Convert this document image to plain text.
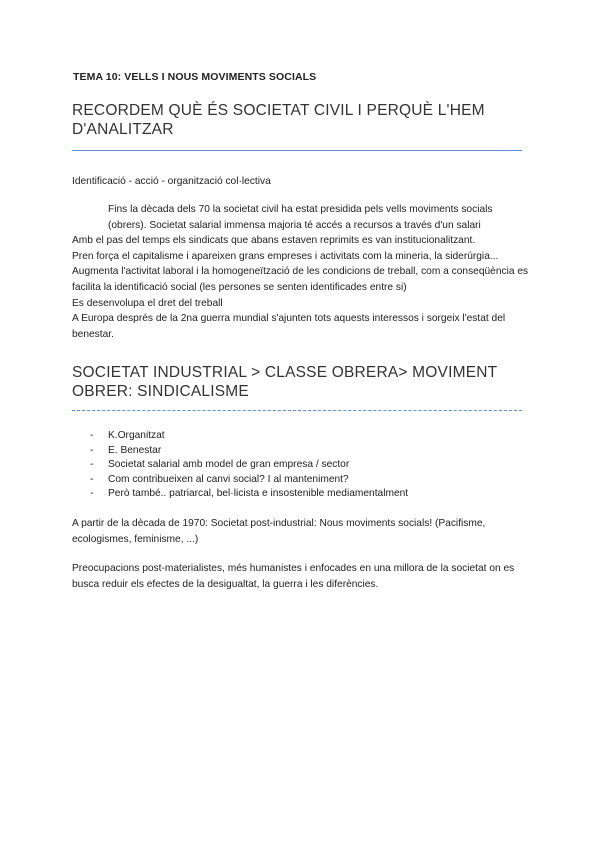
TEMA 10: VELLS I NOUS MOVIMENTS SOCIALS
RECORDEM QUÈ ÉS SOCIETAT CIVIL I PERQUÈ L'HEM D'ANALITZAR

Identificació - acció - organització col·lectiva

Fins la dècada dels 70 la societat civil ha estat presidida pels vells moviments socials (obrers). Societat salarial immensa majoria té accés a recursos a través d'un salari
Amb el pas del temps els sindicats que abans estaven reprimits es van institucionalitzant.
Pren força el capitalisme i apareixen grans empreses i activitats com la mineria, la siderúrgia...
Augmenta l'activitat laboral i la homogeneïtzació de les condicions de treball, com a conseqüència es facilita la identificació social (les persones se senten identificades entre si)
Es desenvolupa el dret del treball
A Europa després de la 2na guerra mundial s'ajunten tots aquests interessos i sorgeix l'estat del benestar.
SOCIETAT INDUSTRIAL > CLASSE OBRERA> MOVIMENT OBRER: SINDICALISME
- K.Organitzat
- E. Benestar
- Societat salarial amb model de gran empresa / sector
- Com contribueixen al canvi social? I al manteniment?
- Però també.. patriarcal, bel·licista e insostenible mediamentalment

A partir de la dècada de 1970: Societat post-industrial: Nous moviments socials! (Pacifisme, ecologismes, feminisme, ...)

Preocupacions post-materialistes, més humanistes i enfocades en una millora de la societat on es busca reduir els efectes de la desigualtat, la guerra i les diferències.
